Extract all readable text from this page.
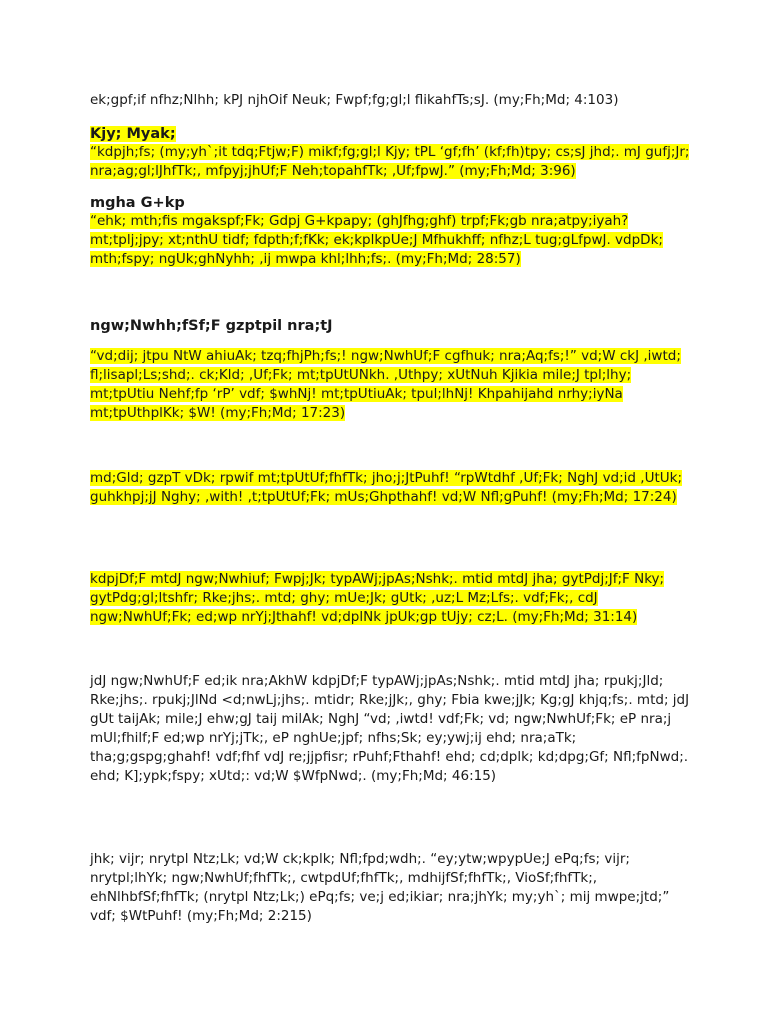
ek;gpf;if nfhz;Nlhh; kPJ njhOif Neuk; Fwpf;fg;gl;l flikahfTs;sJ. (my;Fh;Md; 4:103)

Kjy; Myak;

“kdpjh;fs; (my;yh`;it tdq;Ftjw;F) mikf;fg;gl;l Kjy; tPL ‘gf;fh’ (kf;fh)tpy; cs;sJ jhd;. mJ gufj;Jr; nra;ag;gl;lJhfTk;, mfpyj;jhUf;F Neh;topahfTk; ,Uf;fpwJ.” (my;Fh;Md; 3:96)

mgha G+kp

“ehk; mth;fis mgakspf;Fk; Gdpj G+kpapy; (ghJfhg;ghf) trpf;Fk;gb nra;atpy;iyah? mt;tplj;jpy; xt;nthU tidf; fdpth;f;fKk; ek;kplkpUe;J Mfhukhff; nfhz;L tug;gLfpwJ. vdpDk; mth;fspy; ngUk;ghNyhh; ,ij mwpa khl;lhh;fs;. (my;Fh;Md; 28:57)

ngw;Nwhh;fSf;F gzptpil nra;tJ

“vd;dij; jtpu NtW ahiuAk; tzq;fhjPh;fs;! ngw;NwhUf;F cgfhuk; nra;Aq;fs;!” vd;W ckJ ,iwtd; fl;lisapl;Ls;shd;. ck;Kld; ,Uf;Fk; mt;tpUtUNkh. ,Uthpy; xUtNuh Kjikia mile;J tpl;lhy; mt;tpUtiu Nehf;fp ‘rP’ vdf; $whNj! mt;tpUtiuAk; tpul;lhNj! Khpahijahd nrhy;iyNa mt;tpUthplKk; $W! (my;Fh;Md; 17:23)

md;Gld; gzpT vDk; rpwif mt;tpUtUf;fhfTk; jho;j;JtPuhf! “rpWtdhf ,Uf;Fk; NghJ vd;id ,UtUk; guhkhpj;jJ Nghy; ,with! ,t;tpUtUf;Fk; mUs;Ghpthahf! vd;W Nfl;gPuhf! (my;Fh;Md; 17:24)

kdpjDf;F mtdJ ngw;Nwhiuf; Fwpj;Jk; typAWj;jpAs;Nshk;. mtid mtdJ jha; gytPdj;Jf;F Nky; gytPdg;gl;ltshfr; Rke;jhs;. mtd; ghy; mUe;Jk; gUtk; ,uz;L Mz;Lfs;. vdf;Fk;, cdJ ngw;NwhUf;Fk; ed;wp nrYj;Jthahf! vd;dplNk jpUk;gp tUjy; cz;L. (my;Fh;Md; 31:14)

jdJ ngw;NwhUf;F ed;ik nra;AkhW kdpjDf;F typAWj;jpAs;Nshk;. mtid mtdJ jha; rpukj;Jld; Rke;jhs;. rpukj;JlNd <d;nwLj;jhs;. mtidr; Rke;jJk;, ghy; Fbia kwe;jJk; Kg;gJ khjq;fs;. mtd; jdJ gUt taijAk; mile;J ehw;gJ taij milAk; NghJ “vd; ,iwtd! vdf;Fk; vd; ngw;NwhUf;Fk; eP nra;j mUl;fhilf;F ed;wp nrYj;jTk;, eP nghUe;jpf; nfhs;Sk; ey;ywj;ij ehd; nra;aTk; tha;g;gspg;ghahf! vdf;fhf vdJ re;jjpfisr; rPuhf;Fthahf! ehd; cd;dplk; kd;dpg;Gf; Nfl;fpNwd;. ehd; K];ypk;fspy; xUtd;: vd;W $WfpNwd;. (my;Fh;Md; 46:15)

jhk; vijr; nrytpl Ntz;Lk; vd;W ck;kplk; Nfl;fpd;wdh;. “ey;ytw;wpypUe;J ePq;fs; vijr; nrytpl;lhYk; ngw;NwhUf;fhfTk;, cwtpdUf;fhfTk;, mdhijfSf;fhfTk;, VioSf;fhfTk;, ehNlhbfSf;fhfTk; (nrytpl Ntz;Lk;) ePq;fs; ve;j ed;ikiar; nra;jhYk; my;yh`; mij mwpe;jtd;” vdf; $WtPuhf! (my;Fh;Md; 2:215)
